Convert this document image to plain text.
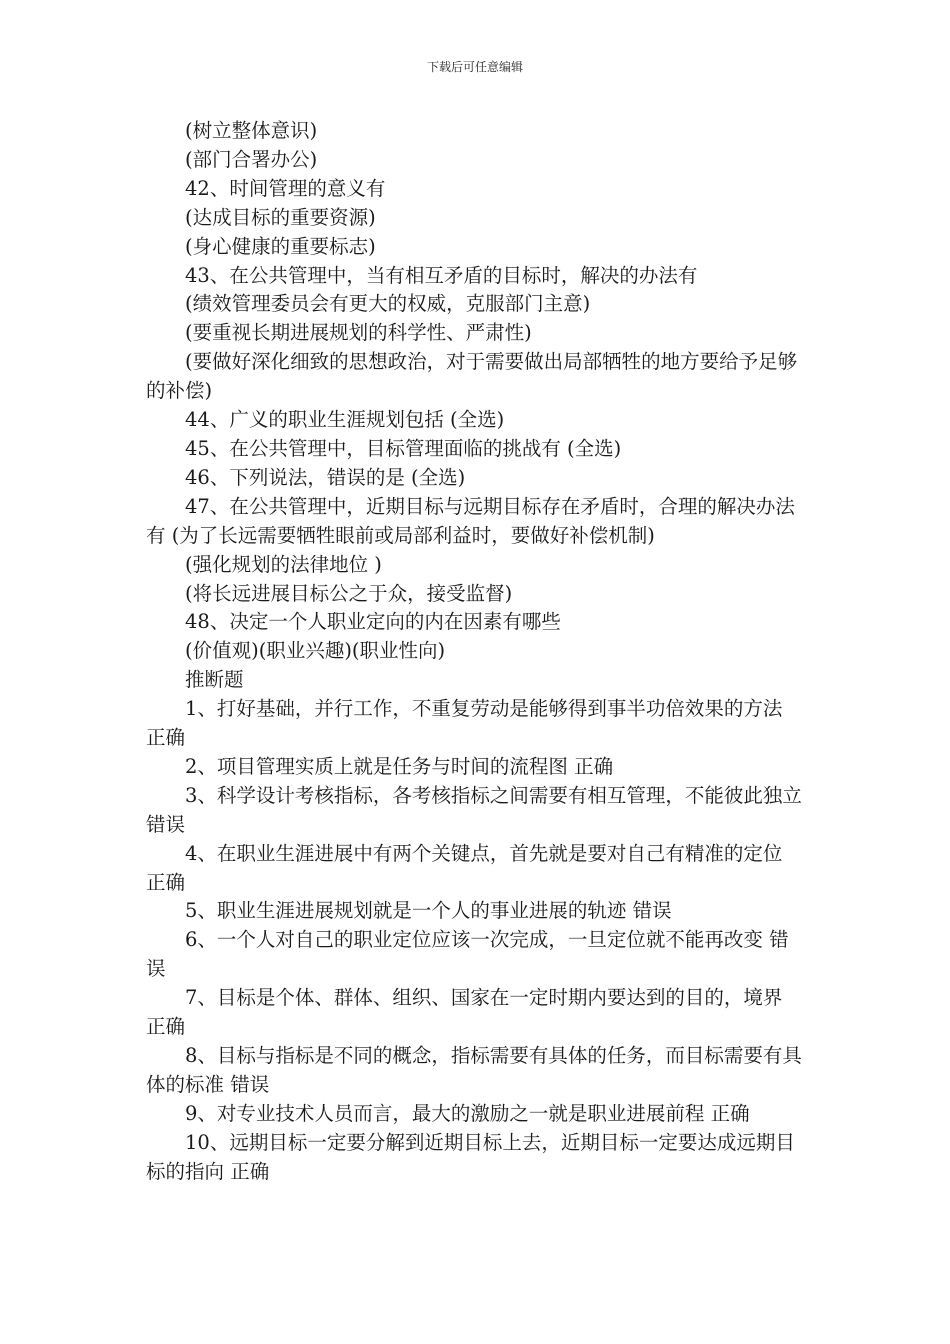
下载后可任意编辑

(树立整体意识)

(部门合署办公)

42、时间管理的意义有

(达成目标的重要资源)

(身心健康的重要标志)

43、在公共管理中，当有相互矛盾的目标时，解决的办法有

(绩效管理委员会有更大的权威，克服部门主意)

(要重视长期进展规划的科学性、严肃性)

(要做好深化细致的思想政治，对于需要做出局部牺牲的地方要给予足够的补偿)

44、广义的职业生涯规划包括 (全选)

45、在公共管理中，目标管理面临的挑战有 (全选)

46、下列说法，错误的是 (全选)

47、在公共管理中，近期目标与远期目标存在矛盾时，合理的解决办法有 (为了长远需要牺牲眼前或局部利益时，要做好补偿机制)

(强化规划的法律地位 )

(将长远进展目标公之于众，接受监督)

48、决定一个人职业定向的内在因素有哪些

(价值观)(职业兴趣)(职业性向)

推断题

1、打好基础，并行工作，不重复劳动是能够得到事半功倍效果的方法 正确

2、项目管理实质上就是任务与时间的流程图 正确

3、科学设计考核指标，各考核指标之间需要有相互管理，不能彼此独立 错误

4、在职业生涯进展中有两个关键点，首先就是要对自己有精准的定位 正确

5、职业生涯进展规划就是一个人的事业进展的轨迹 错误

6、一个人对自己的职业定位应该一次完成，一旦定位就不能再改变 错误

7、目标是个体、群体、组织、国家在一定时期内要达到的目的，境界 正确

8、目标与指标是不同的概念，指标需要有具体的任务，而目标需要有具体的标准 错误

9、对专业技术人员而言，最大的激励之一就是职业进展前程 正确

10、远期目标一定要分解到近期目标上去，近期目标一定要达成远期目标的指向 正确
